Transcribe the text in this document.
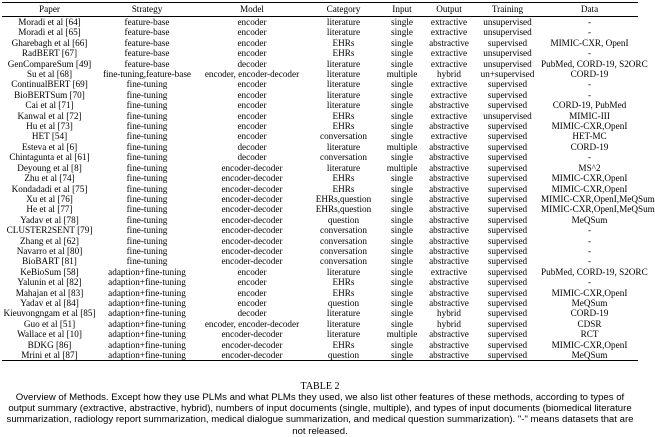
Paper	Strategy	Model	Category	Input	Output	Training	Data
Moradi et al [64]	feature-base	encoder	literature	single	extractive	unsupervised	-
Moradi et al [65]	feature-base	encoder	literature	single	extractive	unsupervised	-
Gharebagh et al [66]	feature-base	encoder	EHRs	single	abstractive	supervised	MIMIC-CXR, OpenI
RadBERT [67]	feature-base	encoder	EHRs	single	extractive	unsupervised	-
GenCompareSum [49]	feature-base	decoder	literature	single	extractive	unsupervised	PubMed, CORD-19, S2ORC
Su et al [68]	fine-tuning,feature-base	encoder, encoder-decoder	literature	multiple	hybrid	un+supervised	CORD-19
ContinualBERT [69]	fine-tuning	encoder	literature	single	extractive	supervised	-
BioBERTSum [70]	fine-tuning	encoder	literature	single	extractive	supervised	-
Cai et al [71]	fine-tuning	encoder	literature	single	abstractive	supervised	CORD-19, PubMed
Kanwal et al [72]	fine-tuning	encoder	EHRs	single	extractive	unsupervised	MIMIC-III
Hu et al [73]	fine-tuning	encoder	EHRs	single	abstractive	supervised	MIMIC-CXR,OpenI
HET [54]	fine-tuning	encoder	conversation	single	extractive	supervised	HET-MC
Esteva et al [6]	fine-tuning	decoder	literature	multiple	abstractive	supervised	CORD-19
Chintagunta et al [61]	fine-tuning	decoder	conversation	single	abstractive	supervised	-
Deyoung et al [8]	fine-tuning	encoder-decoder	literature	multiple	abstractive	supervised	MS^2
Zhu et al [74]	fine-tuning	encoder-decoder	EHRs	single	abstractive	supervised	MIMIC-CXR,OpenI
Kondadadi et al [75]	fine-tuning	encoder-decoder	EHRs	single	abstractive	supervised	MIMIC-CXR,OpenI
Xu et al [76]	fine-tuning	encoder-decoder	EHRs,question	single	abstractive	supervised	MIMIC-CXR,OpenI,MeQSum
He et al [77]	fine-tuning	encoder-decoder	EHRs,question	single	abstractive	supervised	MIMIC-CXR,OpenI,MeQSum
Yadav et al [78]	fine-tuning	encoder-decoder	question	single	abstractive	supervised	MeQSum
CLUSTER2SENT [79]	fine-tuning	encoder-decoder	conversation	single	abstractive	supervised	-
Zhang et al [62]	fine-tuning	encoder-decoder	conversation	single	abstractive	supervised	-
Navarro et al [80]	fine-tuning	encoder-decoder	conversation	single	abstractive	supervised	-
BioBART [81]	fine-tuning	encoder-decoder	conversation	single	abstractive	supervised	-
KeBioSum [58]	adaption+fine-tuning	encoder	literature	single	extractive	supervised	PubMed, CORD-19, S2ORC
Yalunin et al [82]	adaption+fine-tuning	encoder	EHRs	single	abstractive	supervised	-
Mahajan et al [83]	adaption+fine-tuning	encoder	EHRs	single	abstractive	supervised	MIMIC-CXR,OpenI
Yadav et al [84]	adaption+fine-tuning	encoder	question	single	abstractive	supervised	MeQSum
Kieuvongngam et al [85]	adaption+fine-tuning	decoder	literature	single	hybrid	supervised	CORD-19
Guo et al [51]	adaption+fine-tuning	encoder, encoder-decoder	literature	single	hybrid	supervised	CDSR
Wallace et al [10]	adaption+fine-tuning	encoder-decoder	literature	multiple	abstractive	supervised	RCT
BDKG [86]	adaption+fine-tuning	encoder-decoder	EHRs	single	abstractive	supervised	MIMIC-CXR,OpenI
Mrini et al [87]	adaption+fine-tuning	encoder-decoder	question	single	abstractive	supervised	MeQSum
TABLE 2
Overview of Methods. Except how they use PLMs and what PLMs they used, we also list other features of these methods, according to types of output summary (extractive, abstractive, hybrid), numbers of input documents (single, multiple), and types of input documents (biomedical literature summarization, radiology report summarization, medical dialogue summarization, and medical question summarization). "-" means datasets that are not released.
